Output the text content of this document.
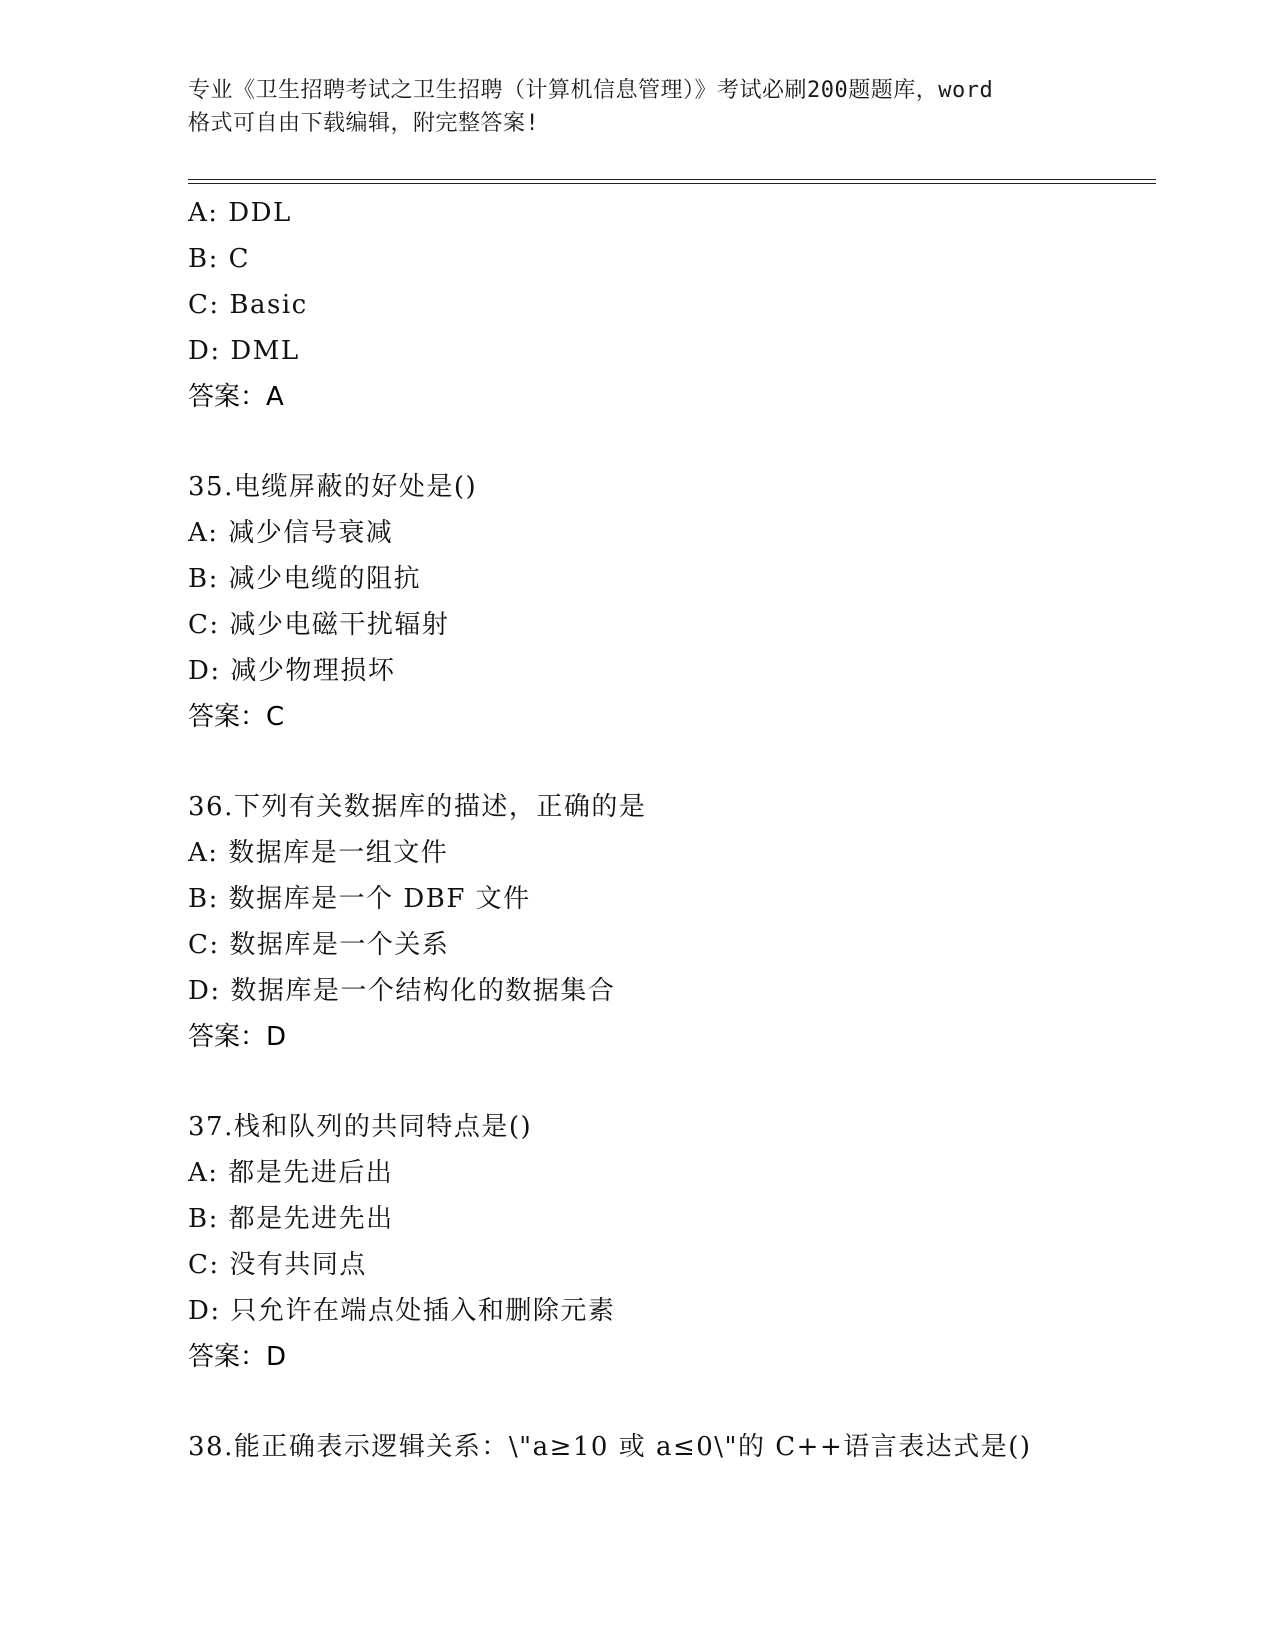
专业《卫生招聘考试之卫生招聘（计算机信息管理）》考试必刷200题题库，word
格式可自由下载编辑，附完整答案!
A: DDL
B: C
C: Basic
D: DML
答案：A
35.电缆屏蔽的好处是()
A: 减少信号衰减
B: 减少电缆的阻抗
C: 减少电磁干扰辐射
D: 减少物理损坏
答案：C
36.下列有关数据库的描述，正确的是
A: 数据库是一组文件
B: 数据库是一个 DBF 文件
C: 数据库是一个关系
D: 数据库是一个结构化的数据集合
答案：D
37.栈和队列的共同特点是()
A: 都是先进后出
B: 都是先进先出
C: 没有共同点
D: 只允许在端点处插入和删除元素
答案：D
38.能正确表示逻辑关系：\"a≥10 或 a≤0\"的 C++语言表达式是()
